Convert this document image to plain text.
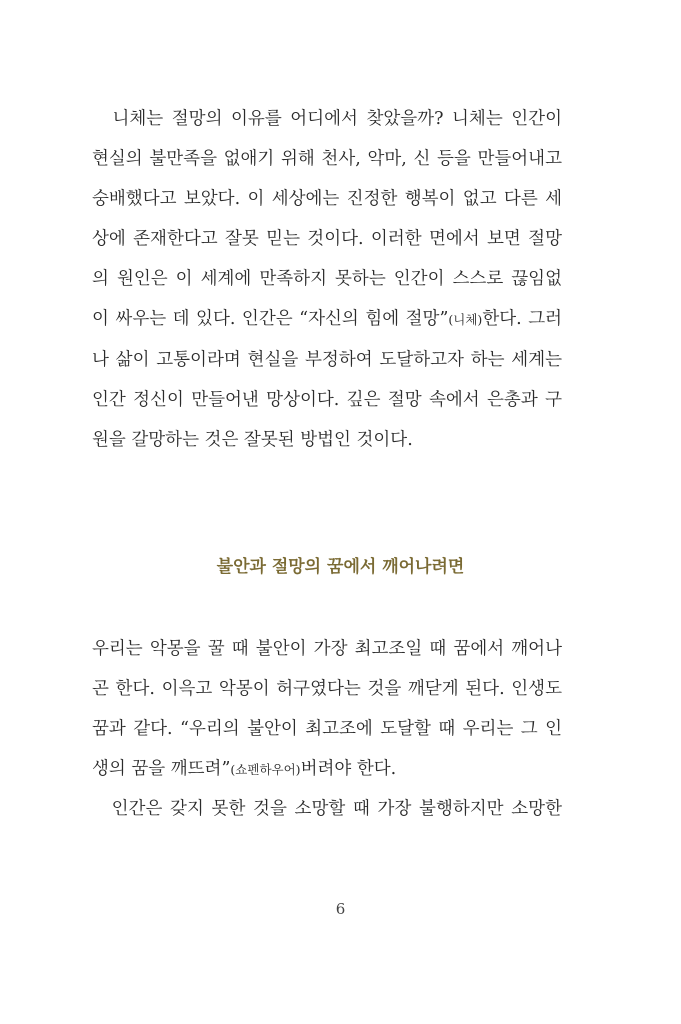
　니체는 절망의 이유를 어디에서 찾았을까? 니체는 인간이
현실의 불만족을 없애기 위해 천사, 악마, 신 등을 만들어내고
숭배했다고 보았다. 이 세상에는 진정한 행복이 없고 다른 세
상에 존재한다고 잘못 믿는 것이다. 이러한 면에서 보면 절망
의 원인은 이 세계에 만족하지 못하는 인간이 스스로 끊임없
이 싸우는 데 있다. 인간은 “자신의 힘에 절망”(니체)한다. 그러
나 삶이 고통이라며 현실을 부정하여 도달하고자 하는 세계는
인간 정신이 만들어낸 망상이다. 깊은 절망 속에서 은총과 구
원을 갈망하는 것은 잘못된 방법인 것이다.

불안과 절망의 꿈에서 깨어나려면

우리는 악몽을 꿀 때 불안이 가장 최고조일 때 꿈에서 깨어나
곤 한다. 이윽고 악몽이 허구였다는 것을 깨닫게 된다. 인생도
꿈과 같다. “우리의 불안이 최고조에 도달할 때 우리는 그 인
생의 꿈을 깨뜨려”(쇼펜하우어)버려야 한다.

　인간은 갖지 못한 것을 소망할 때 가장 불행하지만 소망한

6
